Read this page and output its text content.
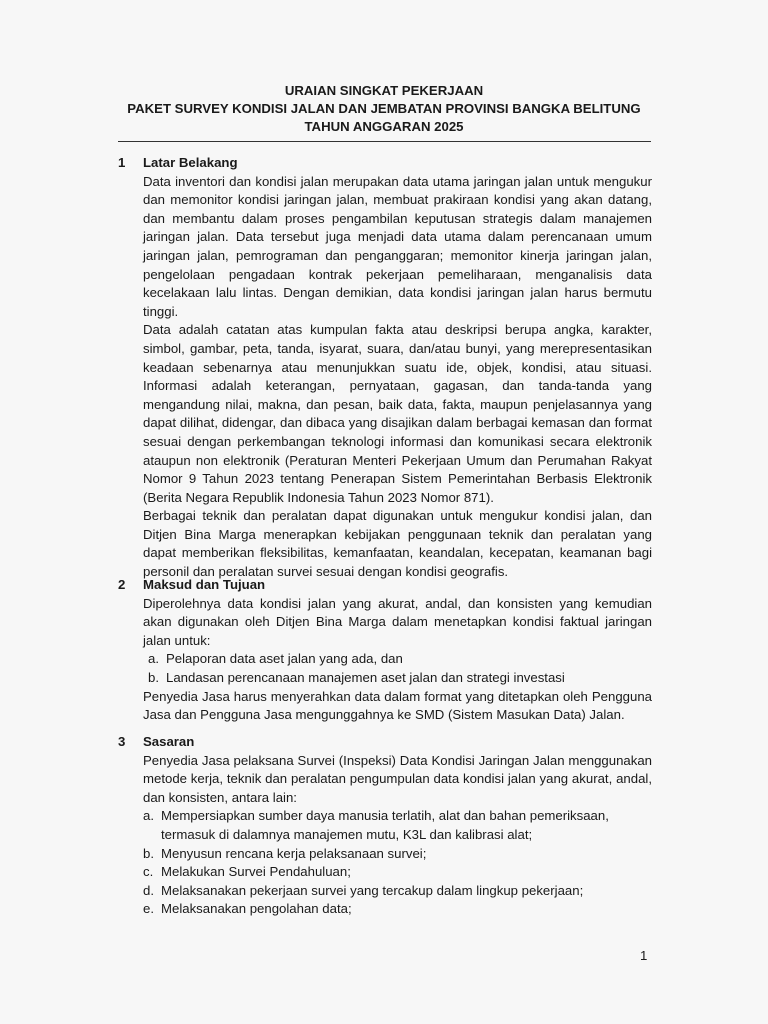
URAIAN SINGKAT PEKERJAAN
PAKET SURVEY KONDISI JALAN DAN JEMBATAN PROVINSI BANGKA BELITUNG
TAHUN ANGGARAN 2025
1 Latar Belakang
Data inventori dan kondisi jalan merupakan data utama jaringan jalan untuk mengukur dan memonitor kondisi jaringan jalan, membuat prakiraan kondisi yang akan datang, dan membantu dalam proses pengambilan keputusan strategis dalam manajemen jaringan jalan. Data tersebut juga menjadi data utama dalam perencanaan umum jaringan jalan, pemrograman dan penganggaran; memonitor kinerja jaringan jalan, pengelolaan pengadaan kontrak pekerjaan pemeliharaan, menganalisis data kecelakaan lalu lintas. Dengan demikian, data kondisi jaringan jalan harus bermutu tinggi.
Data adalah catatan atas kumpulan fakta atau deskripsi berupa angka, karakter, simbol, gambar, peta, tanda, isyarat, suara, dan/atau bunyi, yang merepresentasikan keadaan sebenarnya atau menunjukkan suatu ide, objek, kondisi, atau situasi. Informasi adalah keterangan, pernyataan, gagasan, dan tanda-tanda yang mengandung nilai, makna, dan pesan, baik data, fakta, maupun penjelasannya yang dapat dilihat, didengar, dan dibaca yang disajikan dalam berbagai kemasan dan format sesuai dengan perkembangan teknologi informasi dan komunikasi secara elektronik ataupun non elektronik (Peraturan Menteri Pekerjaan Umum dan Perumahan Rakyat Nomor 9 Tahun 2023 tentang Penerapan Sistem Pemerintahan Berbasis Elektronik (Berita Negara Republik Indonesia Tahun 2023 Nomor 871).
Berbagai teknik dan peralatan dapat digunakan untuk mengukur kondisi jalan, dan Ditjen Bina Marga menerapkan kebijakan penggunaan teknik dan peralatan yang dapat memberikan fleksibilitas, kemanfaatan, keandalan, kecepatan, keamanan bagi personil dan peralatan survei sesuai dengan kondisi geografis.
2 Maksud dan Tujuan
Diperolehnya data kondisi jalan yang akurat, andal, dan konsisten yang kemudian akan digunakan oleh Ditjen Bina Marga dalam menetapkan kondisi faktual jaringan jalan untuk:
a. Pelaporan data aset jalan yang ada, dan
b. Landasan perencanaan manajemen aset jalan dan strategi investasi
Penyedia Jasa harus menyerahkan data dalam format yang ditetapkan oleh Pengguna Jasa dan Pengguna Jasa mengunggahnya ke SMD (Sistem Masukan Data) Jalan.
3 Sasaran
Penyedia Jasa pelaksana Survei (Inspeksi) Data Kondisi Jaringan Jalan menggunakan metode kerja, teknik dan peralatan pengumpulan data kondisi jalan yang akurat, andal, dan konsisten, antara lain:
a. Mempersiapkan sumber daya manusia terlatih, alat dan bahan pemeriksaan, termasuk di dalamnya manajemen mutu, K3L dan kalibrasi alat;
b. Menyusun rencana kerja pelaksanaan survei;
c. Melakukan Survei Pendahuluan;
d. Melaksanakan pekerjaan survei yang tercakup dalam lingkup pekerjaan;
e. Melaksanakan pengolahan data;
1
